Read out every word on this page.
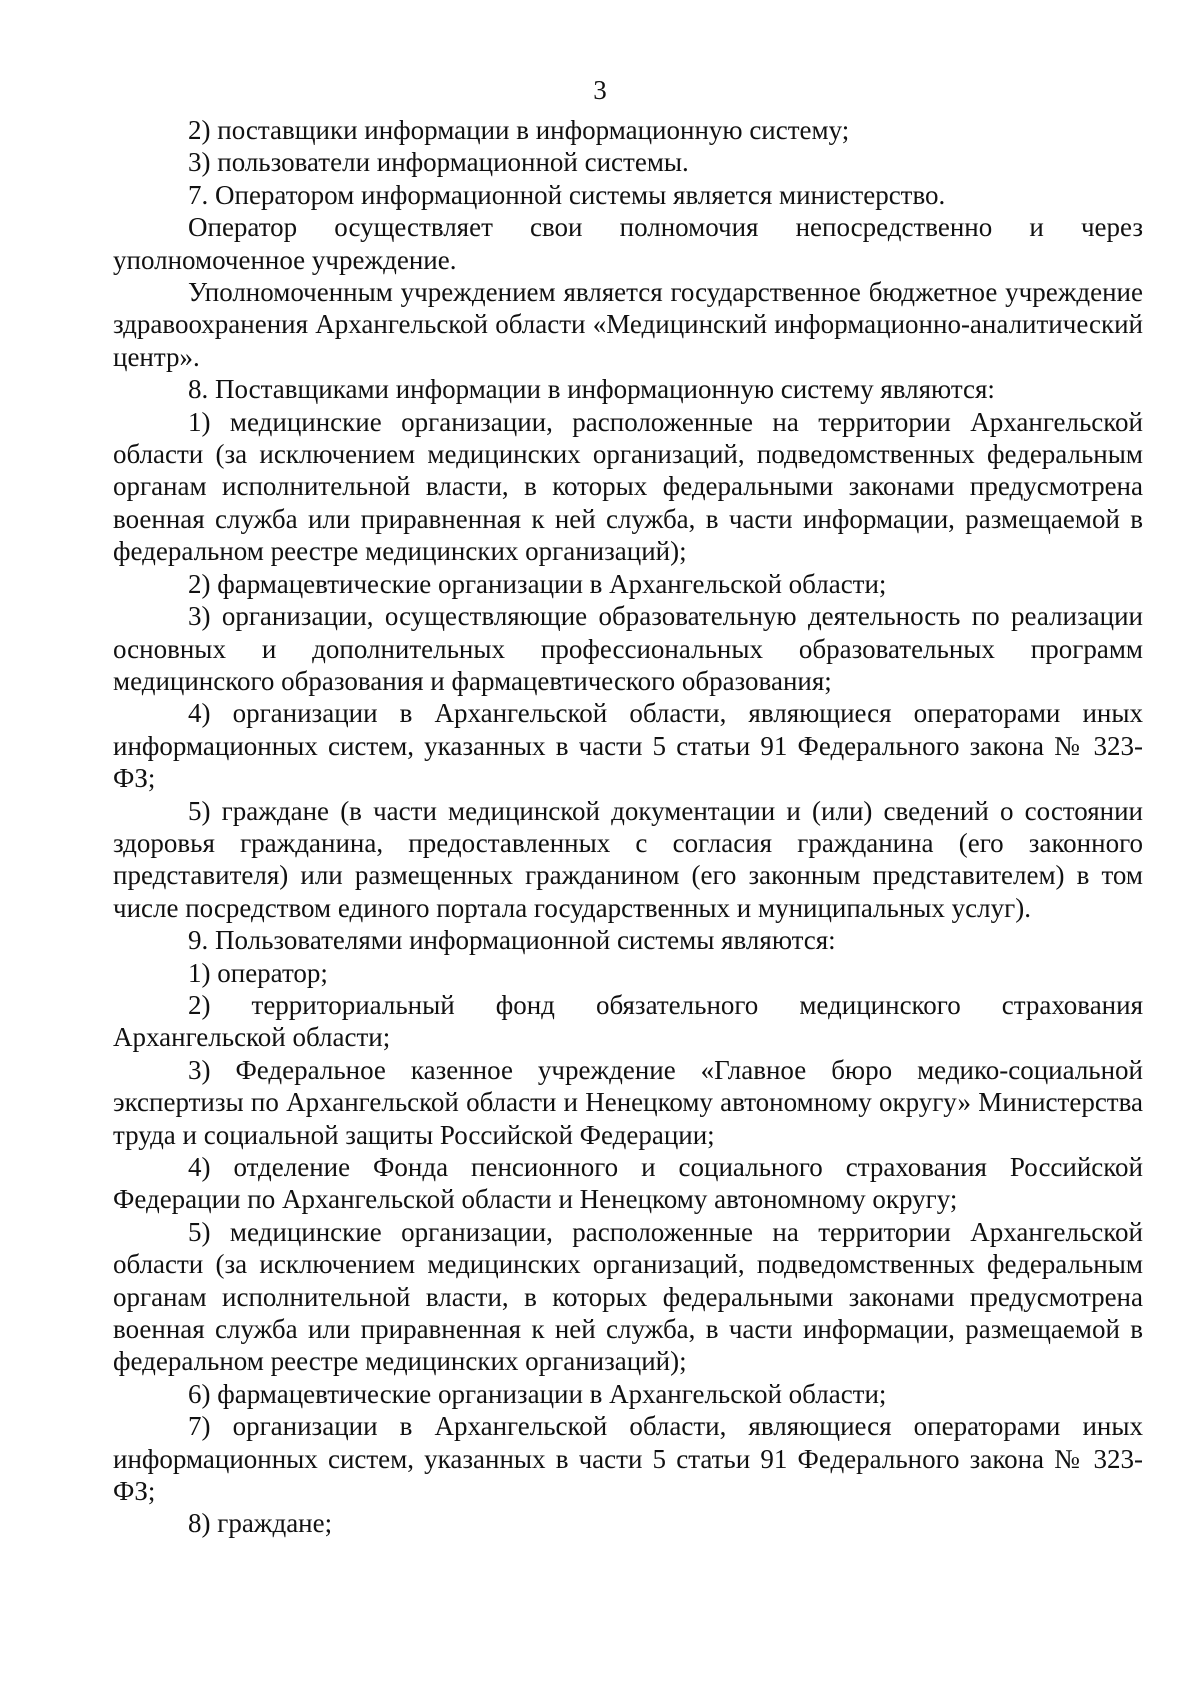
3

2) поставщики информации в информационную систему;

3) пользователи информационной системы.

7. Оператором информационной системы является министерство.

Оператор осуществляет свои полномочия непосредственно и через уполномоченное учреждение.

Уполномоченным учреждением является государственное бюджетное учреждение здравоохранения Архангельской области «Медицинский информационно-аналитический центр».

8. Поставщиками информации в информационную систему являются:

1) медицинские организации, расположенные на территории Архангельской области (за исключением медицинских организаций, подведомственных федеральным органам исполнительной власти, в которых федеральными законами предусмотрена военная служба или приравненная к ней служба, в части информации, размещаемой в федеральном реестре медицинских организаций);

2) фармацевтические организации в Архангельской области;

3) организации, осуществляющие образовательную деятельность по реализации основных и дополнительных профессиональных образовательных программ медицинского образования и фармацевтического образования;

4) организации в Архангельской области, являющиеся операторами иных информационных систем, указанных в части 5 статьи 91 Федерального закона № 323-ФЗ;

5) граждане (в части медицинской документации и (или) сведений о состоянии здоровья гражданина, предоставленных с согласия гражданина (его законного представителя) или размещенных гражданином (его законным представителем) в том числе посредством единого портала государственных и муниципальных услуг).

9. Пользователями информационной системы являются:

1) оператор;

2) территориальный фонд обязательного медицинского страхования Архангельской области;

3) Федеральное казенное учреждение «Главное бюро медико-социальной экспертизы по Архангельской области и Ненецкому автономному округу» Министерства труда и социальной защиты Российской Федерации;

4) отделение Фонда пенсионного и социального страхования Российской Федерации по Архангельской области и Ненецкому автономному округу;

5) медицинские организации, расположенные на территории Архангельской области (за исключением медицинских организаций, подведомственных федеральным органам исполнительной власти, в которых федеральными законами предусмотрена военная служба или приравненная к ней служба, в части информации, размещаемой в федеральном реестре медицинских организаций);

6) фармацевтические организации в Архангельской области;

7) организации в Архангельской области, являющиеся операторами иных информационных систем, указанных в части 5 статьи 91 Федерального закона № 323-ФЗ;

8) граждане;
